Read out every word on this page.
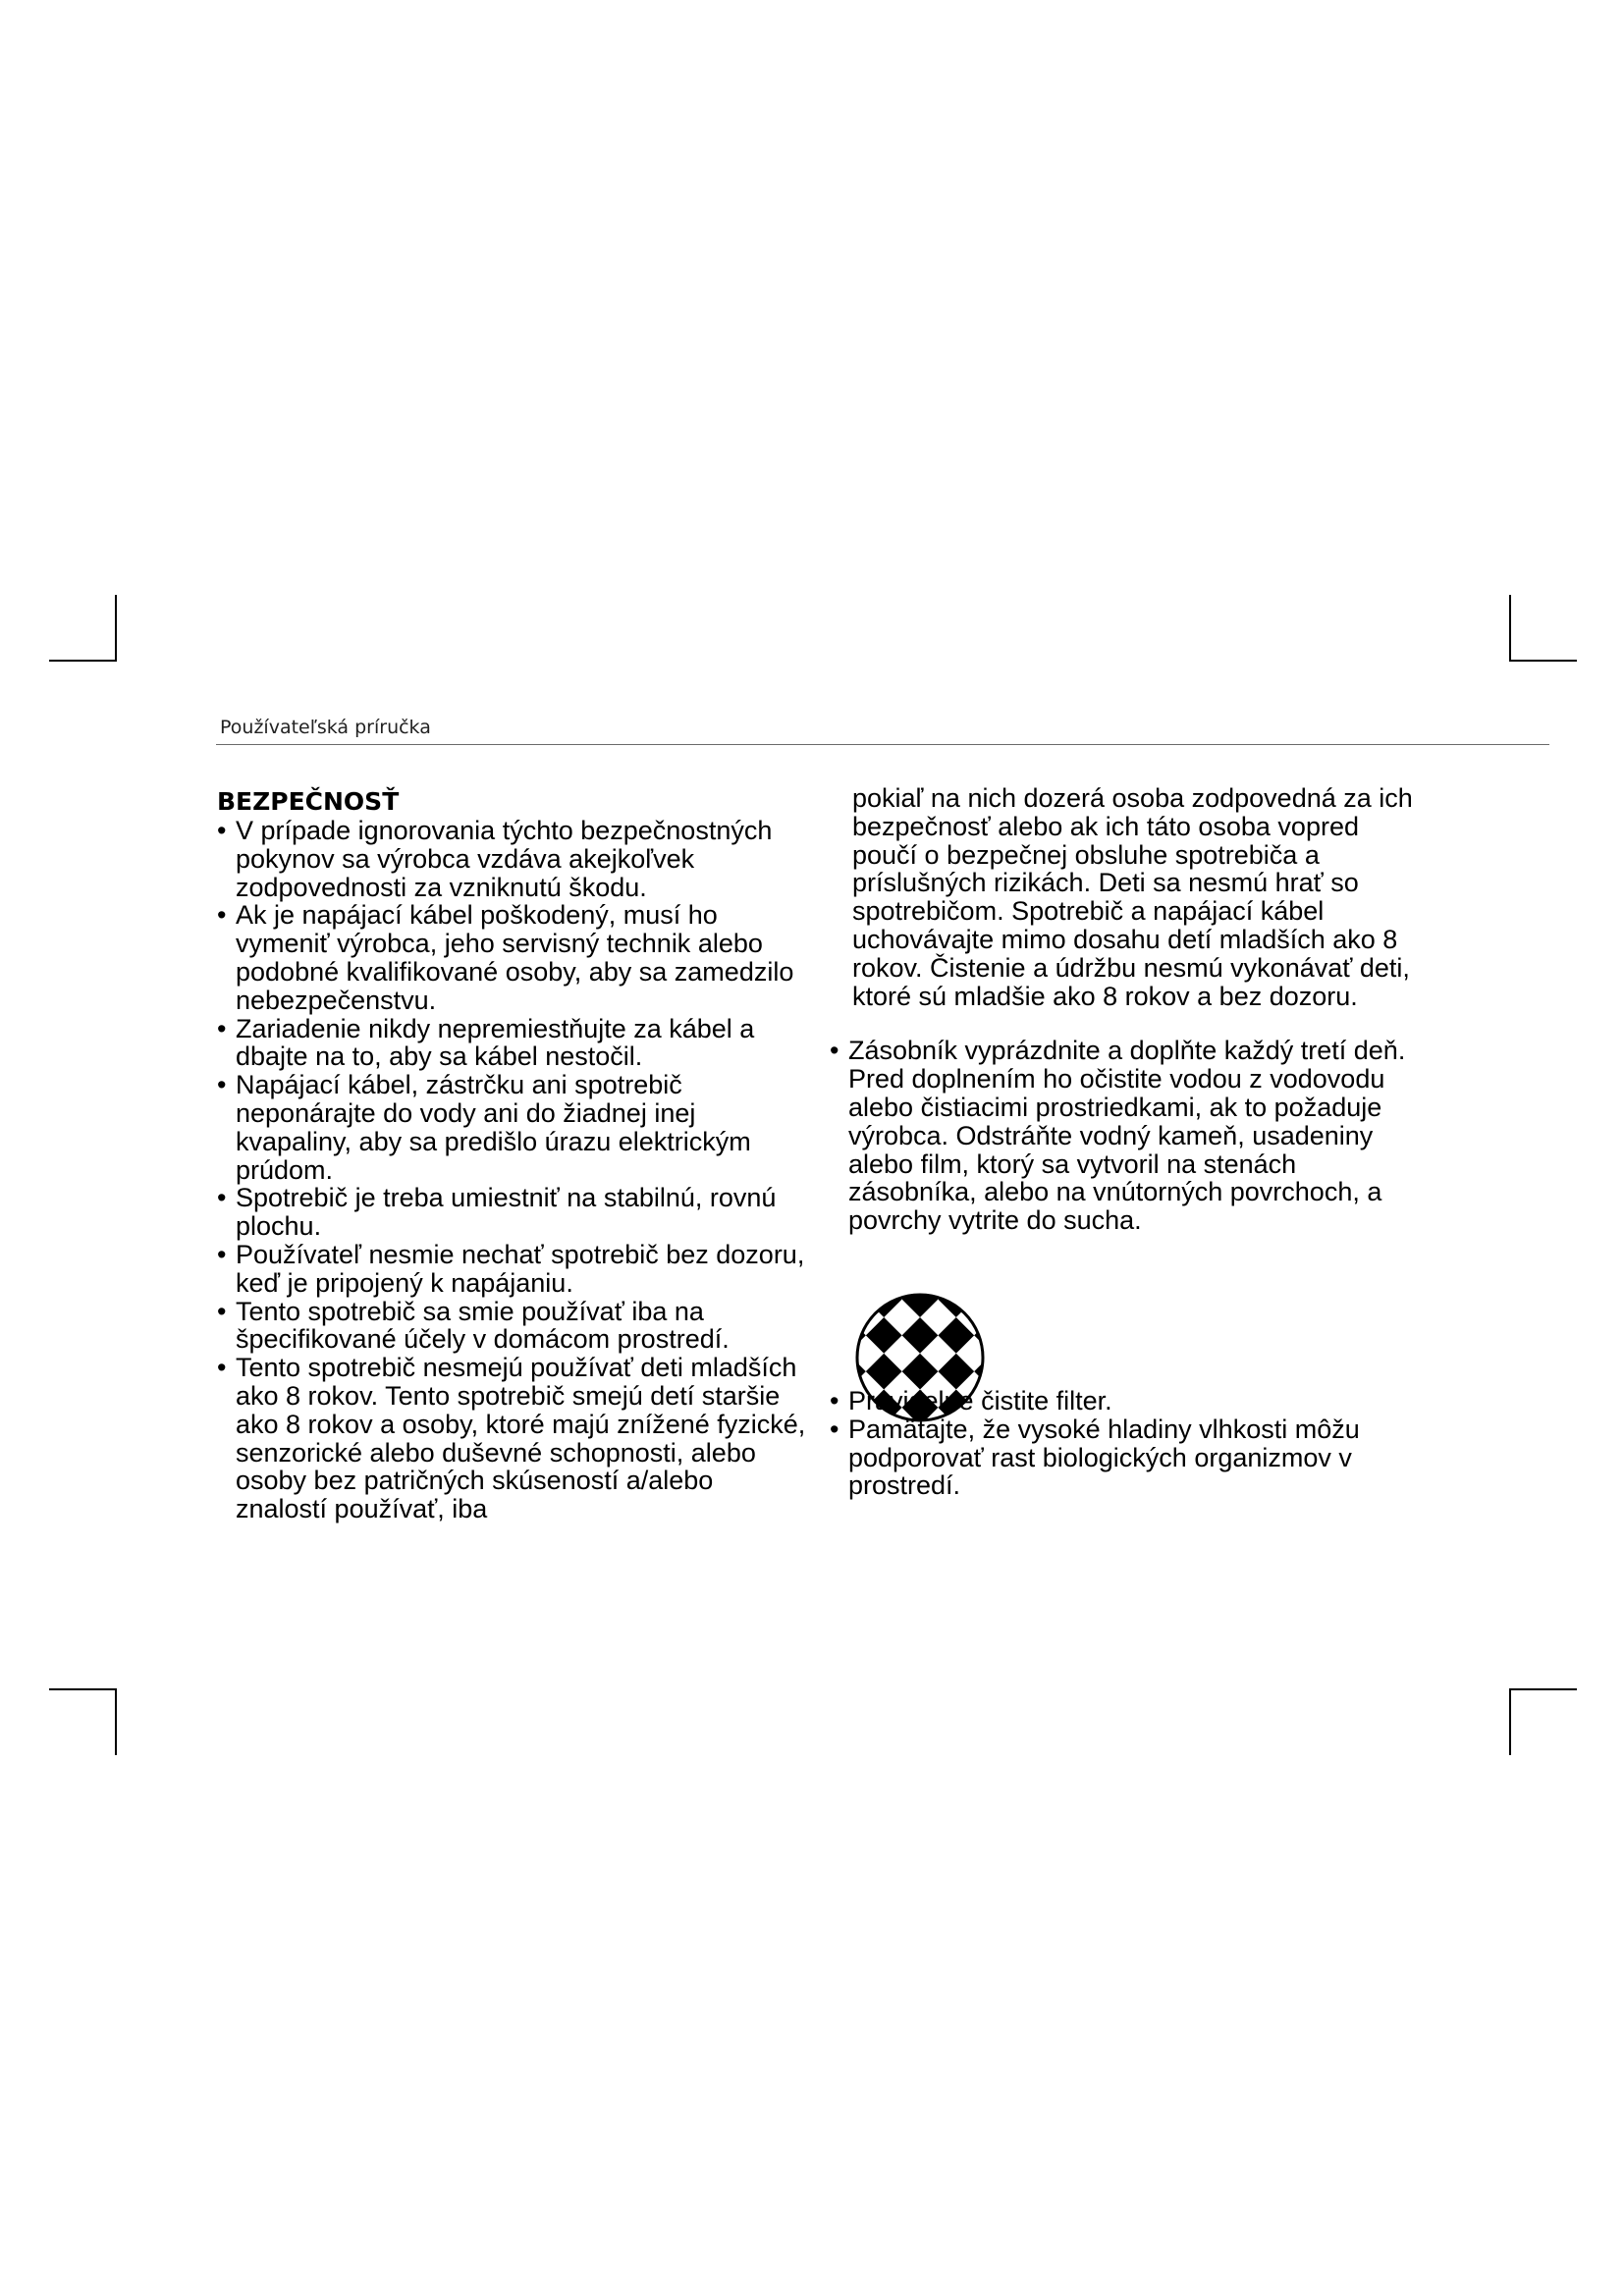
Používateľská príručka
BEZPEČNOSŤ
• V prípade ignorovania týchto bezpečnostných pokynov sa výrobca vzdáva akejkoľvek zodpovednosti za vzniknutú škodu.
• Ak je napájací kábel poškodený, musí ho vymeniť výrobca, jeho servisný technik alebo podobné kvalifikované osoby, aby sa zamedzilo nebezpečenstvu.
• Zariadenie nikdy nepremiestňujte za kábel a dbajte na to, aby sa kábel nestočil.
• Napájací kábel, zástrčku ani spotrebič neponárajte do vody ani do žiadnej inej kvapaliny, aby sa predišlo úrazu elektrickým prúdom.
• Spotrebič je treba umiestniť na stabilnú, rovnú plochu.
• Používateľ nesmie nechať spotrebič bez dozoru, keď je pripojený k napájaniu.
• Tento spotrebič sa smie používať iba na špecifikované účely v domácom prostredí.
• Tento spotrebič nesmejú používať deti mladších ako 8 rokov. Tento spotrebič smejú detí staršie ako 8 rokov a osoby, ktoré majú znížené fyzické, senzorické alebo duševné schopnosti, alebo osoby bez patričných skúseností a/alebo znalostí používať, iba
pokiaľ na nich dozerá osoba zodpovedná za ich bezpečnosť alebo ak ich táto osoba vopred poučí o bezpečnej obsluhe spotrebiča a príslušných rizikách. Deti sa nesmú hrať so spotrebičom. Spotrebič a napájací kábel uchovávajte mimo dosahu detí mladších ako 8 rokov. Čistenie a údržbu nesmú vykonávať deti, ktoré sú mladšie ako 8 rokov a bez dozoru.
• Zásobník vyprázdnite a doplňte každý tretí deň. Pred doplnením ho očistite vodou z vodovodu alebo čistiacimi prostriedkami, ak to požaduje výrobca. Odstráňte vodný kameň, usadeniny alebo film, ktorý sa vytvoril na stenách zásobníka, alebo na vnútorných povrchoch, a povrchy vytrite do sucha.
• Pravidelne čistite filter.
• Pamätajte, že vysoké hladiny vlhkosti môžu podporovať rast biologických organizmov v prostredí.
